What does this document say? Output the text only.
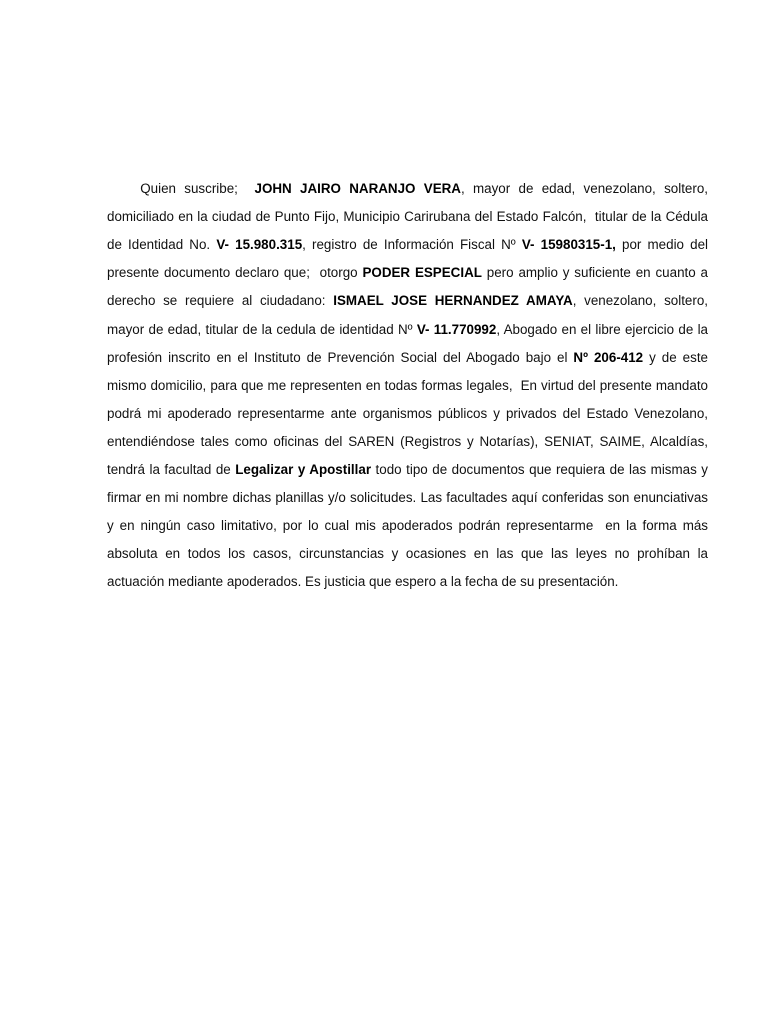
Quien suscribe;  JOHN JAIRO NARANJO VERA, mayor de edad, venezolano, soltero, domiciliado en la ciudad de Punto Fijo, Municipio Carirubana del Estado Falcón,  titular de la Cédula de Identidad No. V- 15.980.315, registro de Información Fiscal Nº V- 15980315-1, por medio del presente documento declaro que;  otorgo PODER ESPECIAL pero amplio y suficiente en cuanto a derecho se requiere al ciudadano: ISMAEL JOSE HERNANDEZ AMAYA, venezolano, soltero, mayor de edad, titular de la cedula de identidad Nº V- 11.770992, Abogado en el libre ejercicio de la profesión inscrito en el Instituto de Prevención Social del Abogado bajo el Nº 206-412 y de este mismo domicilio, para que me representen en todas formas legales,  En virtud del presente mandato podrá mi apoderado representarme ante organismos públicos y privados del Estado Venezolano, entendiéndose tales como oficinas del SAREN (Registros y Notarías), SENIAT, SAIME, Alcaldías, tendrá la facultad de Legalizar y Apostillar todo tipo de documentos que requiera de las mismas y firmar en mi nombre dichas planillas y/o solicitudes. Las facultades aquí conferidas son enunciativas y en ningún caso limitativo, por lo cual mis apoderados podrán representarme  en la forma más absoluta en todos los casos, circunstancias y ocasiones en las que las leyes no prohíban la actuación mediante apoderados. Es justicia que espero a la fecha de su presentación.
